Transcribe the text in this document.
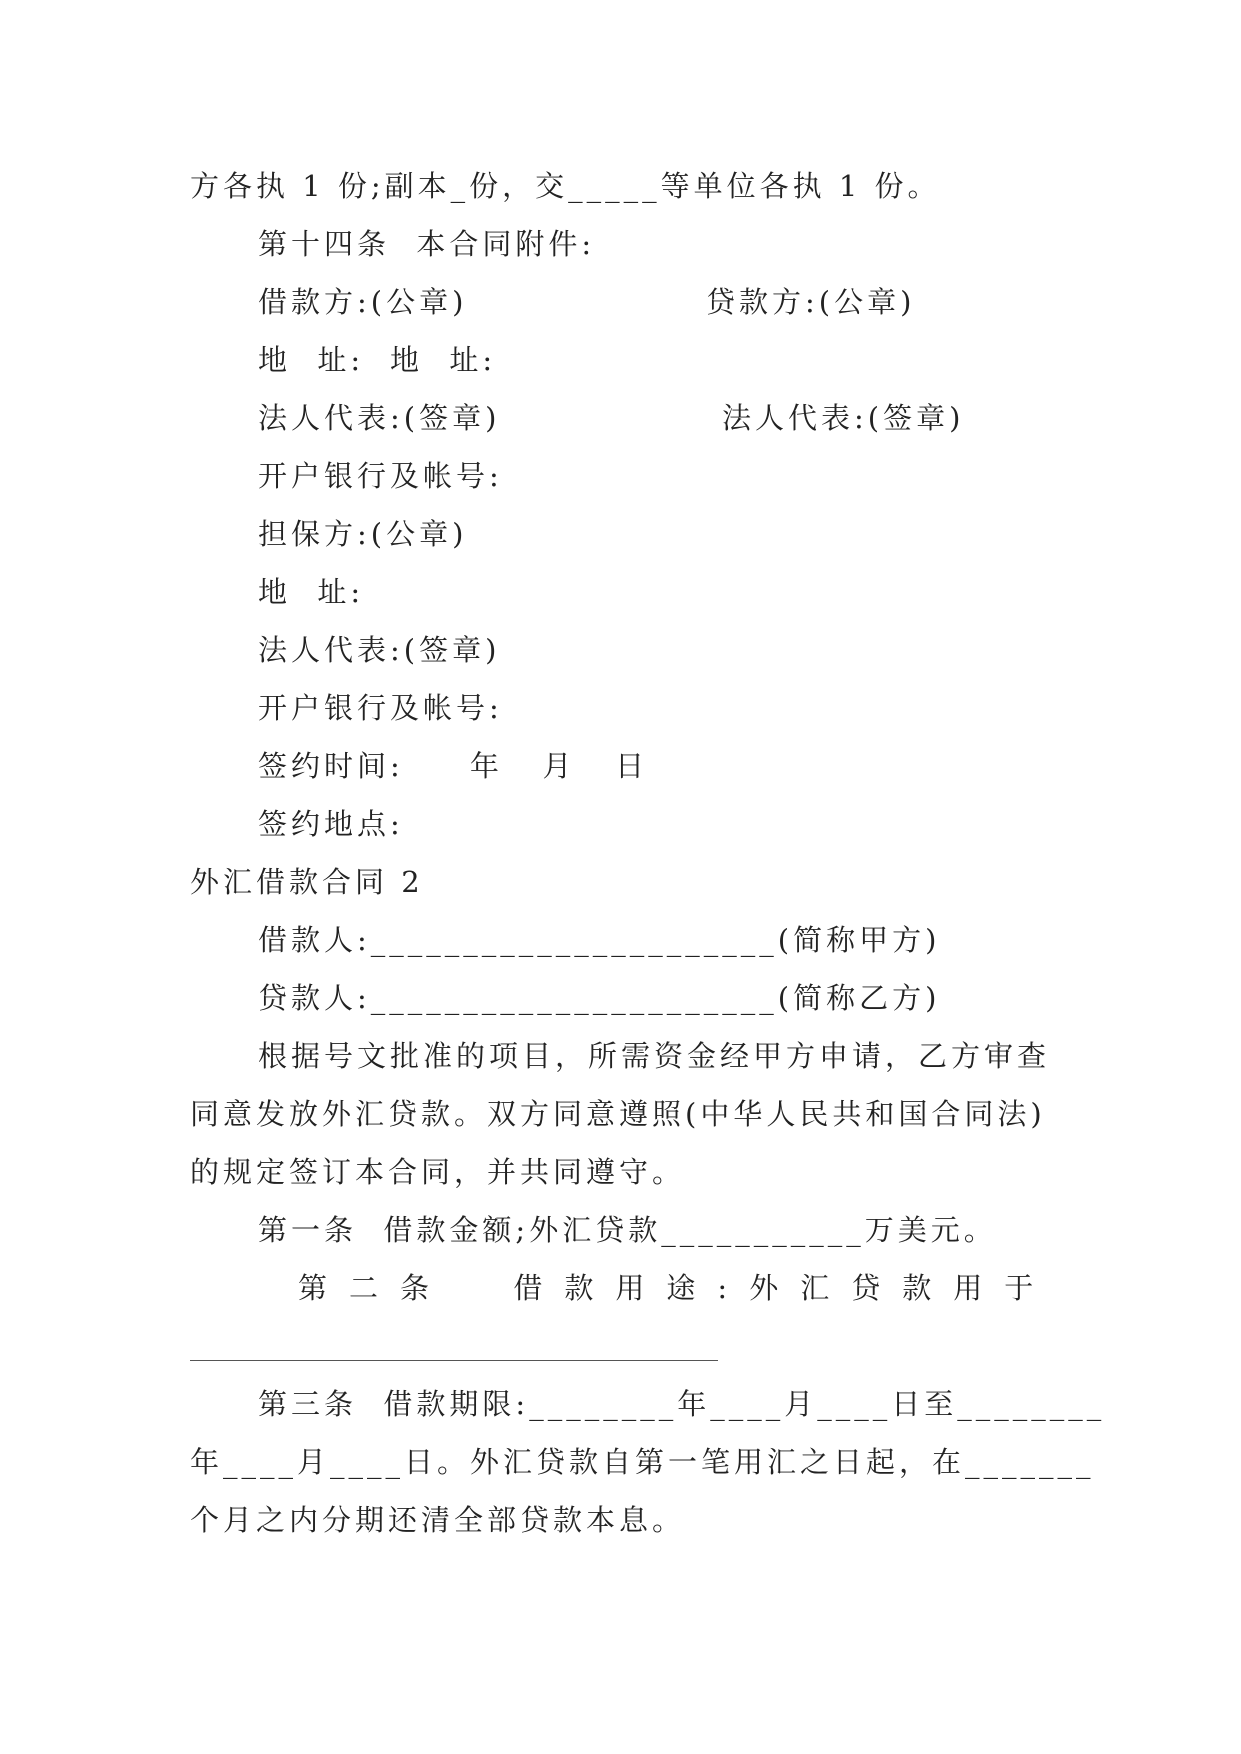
方各执 1 份;副本_份，交_____等单位各执 1 份。
第十四条  本合同附件:
借款方:(公章)	贷款方:(公章)
地  址: 地  址:
法人代表:(签章)	法人代表:(签章)
开户银行及帐号:
担保方:(公章)
地  址:
法人代表:(签章)
开户银行及帐号:
签约时间:     年   月   日
签约地点:
外汇借款合同 2
借款人:______________________(简称甲方)
贷款人:______________________(简称乙方)
根据号文批准的项目，所需资金经甲方申请，乙方审查
同意发放外汇贷款。双方同意遵照(中华人民共和国合同法)
的规定签订本合同，并共同遵守。
第一条  借款金额;外汇贷款___________万美元。
第二条  借款用途:外汇贷款用于
第三条  借款期限:________年____月____日至________
年____月____日。外汇贷款自第一笔用汇之日起，在_______
个月之内分期还清全部贷款本息。
